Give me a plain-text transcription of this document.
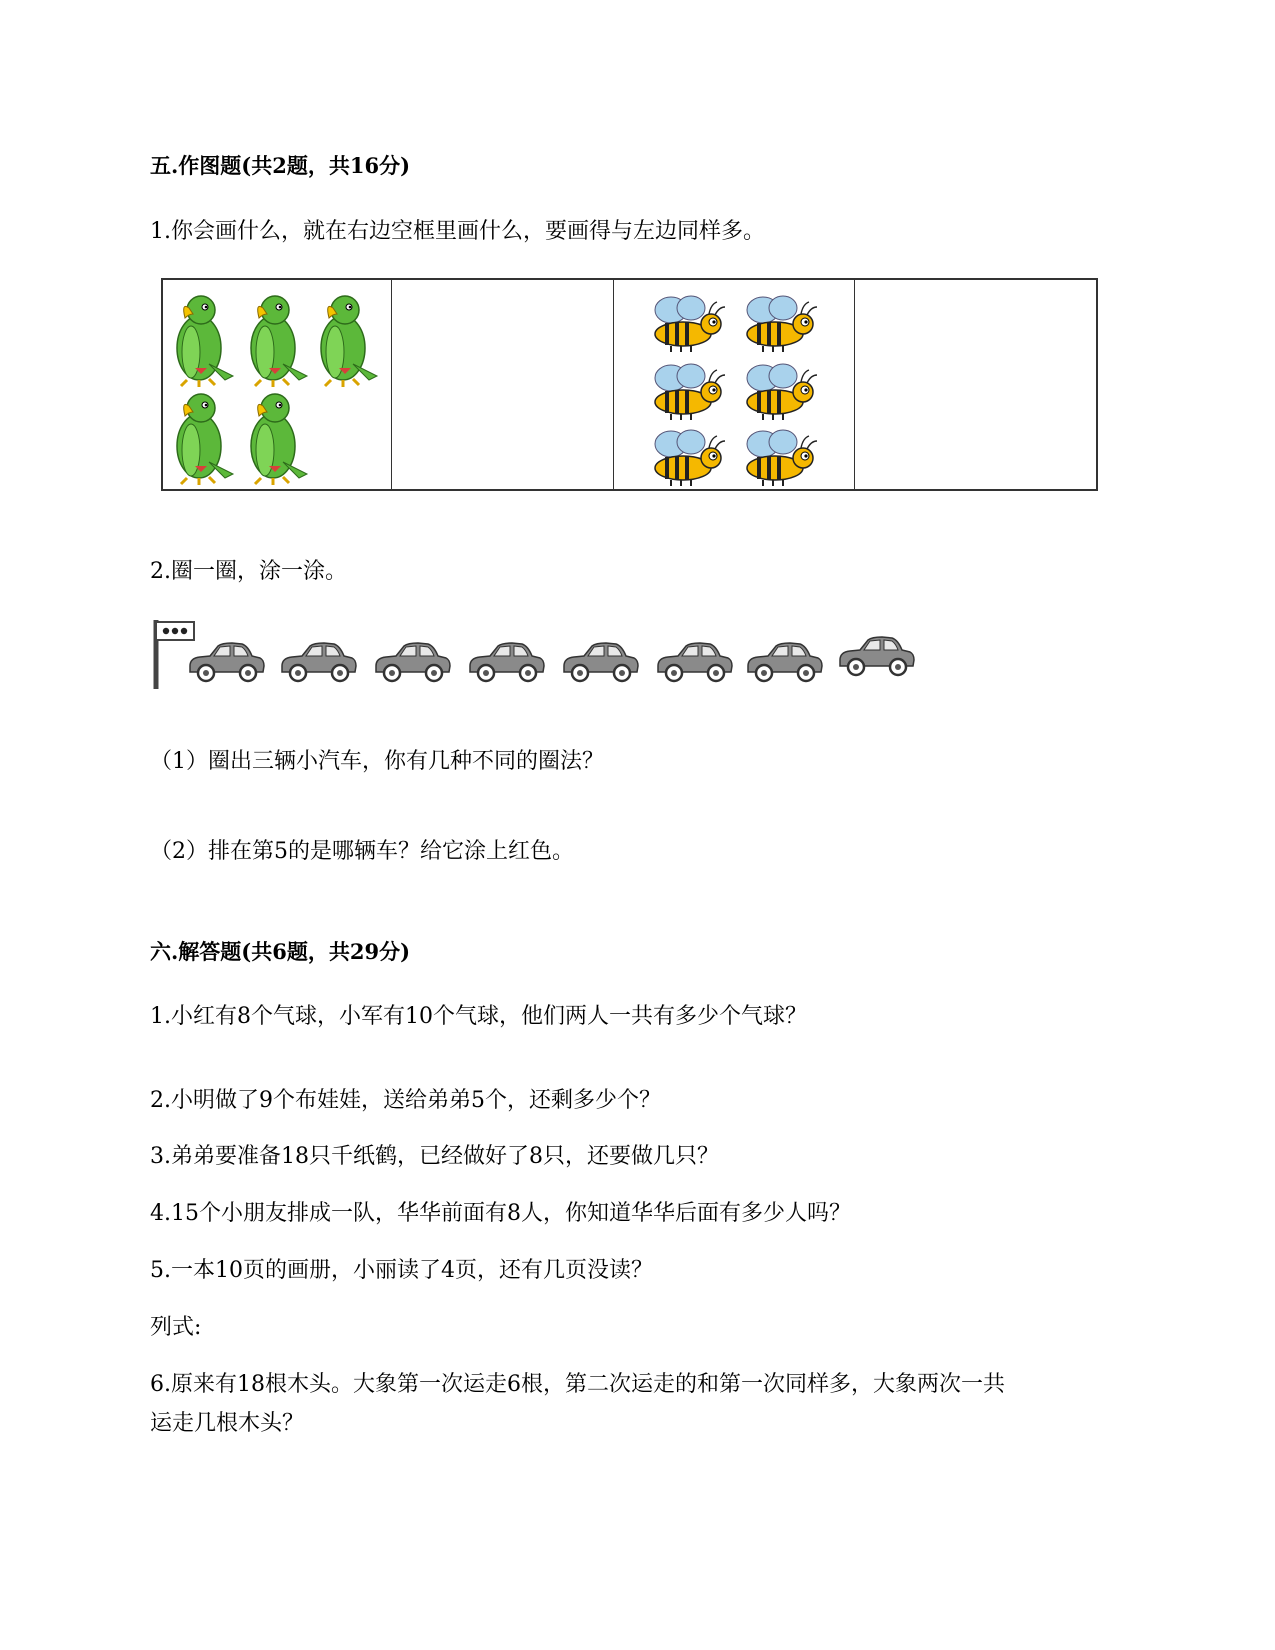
五.作图题(共2题，共16分)
1.你会画什么，就在右边空框里画什么，要画得与左边同样多。
2.圈一圈，涂一涂。
（1）圈出三辆小汽车，你有几种不同的圈法？
（2）排在第5的是哪辆车？给它涂上红色。
六.解答题(共6题，共29分)
1.小红有8个气球，小军有10个气球，他们两人一共有多少个气球？
2.小明做了9个布娃娃，送给弟弟5个，还剩多少个？
3.弟弟要准备18只千纸鹤，已经做好了8只，还要做几只？
4.15个小朋友排成一队，华华前面有8人，你知道华华后面有多少人吗？
5.一本10页的画册，小丽读了4页，还有几页没读？
列式:
6.原来有18根木头。大象第一次运走6根，第二次运走的和第一次同样多，大象两次一共
运走几根木头？
